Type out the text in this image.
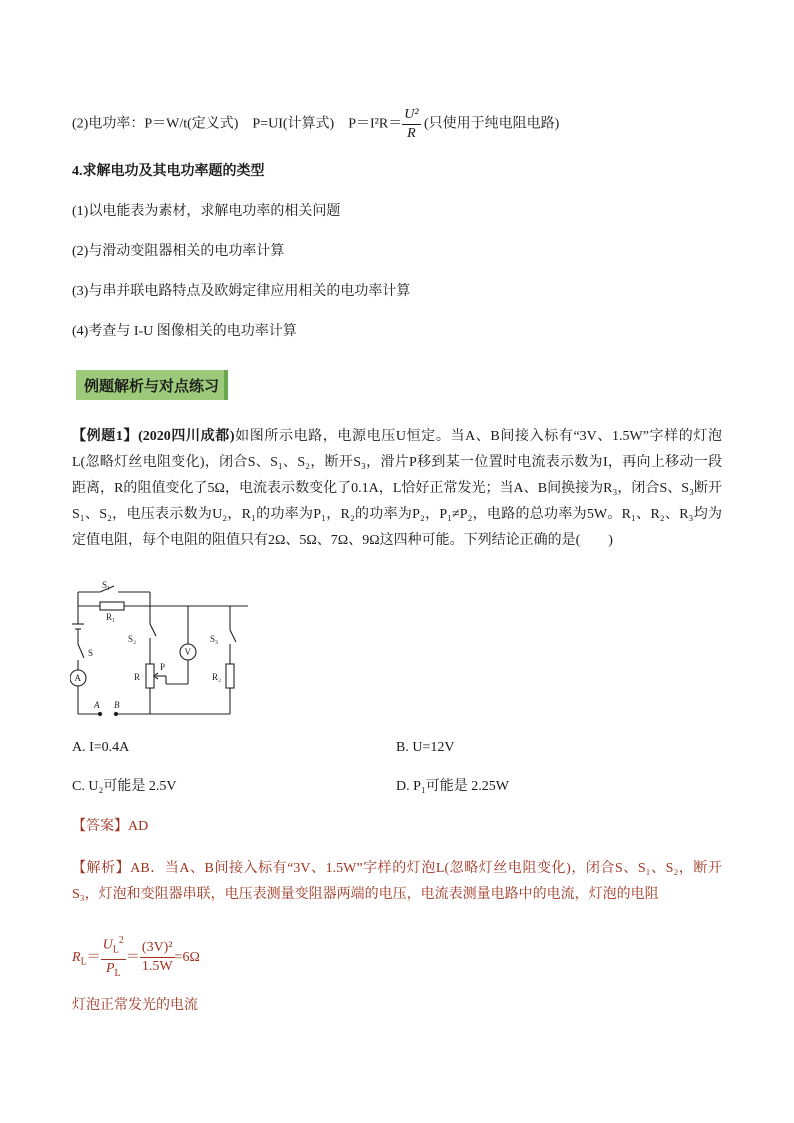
(2)电功率：P＝W/t(定义式)　P=UI(计算式)　$P=I^2R= \frac{\text{U²}}{R}$ (只使用于纯电阻电路)
4.求解电功及其电功率题的类型
(1)以电能表为素材，求解电功率的相关问题
(2)与滑动变阻器相关的电功率计算
(3)与串并联电路特点及欧姆定律应用相关的电功率计算
(4)考查与 I-U 图像相关的电功率计算
例题解析与对点练习
【例题1】(2020四川成都)如图所示电路，电源电压U恒定。当A、B间接入标有“3V、1.5W”字样的灯泡L(忽略灯丝电阻变化)，闭合S、S₁、S₂，断开S₃，滑片P移到某一位置时电流表示数为I，再向上移动一段距离，R的阻值变化了5Ω，电流表示数变化了0.1A，L恰好正常发光；当A、B间换接为R₃，闭合S、S₃断开S₁、S₂，电压表示数为U₂，R₁的功率为P₁，R₂的功率为P₂，P₁≠P₂，电路的总功率为5W。R₁、R₂、R₃均为定值电阻，每个电阻的阻值只有2Ω、5Ω、7Ω、9Ω这四种可能。下列结论正确的是(　　)
S₁
R₁
S₂
P
R
V
S₃
R₂
S
A
A B
A. I=0.4A	B. U=12V
C. U₂可能是 2.5V	D. P₁可能是 2.25W
【答案】AD
【解析】AB．当A、B间接入标有“3V、1.5W”字样的灯泡L(忽略灯丝电阻变化)，闭合S、S₁、S₂，断开S₃，灯泡和变阻器串联，电压表测量变阻器两端的电压，电流表测量电路中的电流，灯泡的电阻
$R_L= \frac{U_L^2}{P_L} = \frac{\text{(3V)²}}{1.5W} =6\Omega$
灯泡正常发光的电流
